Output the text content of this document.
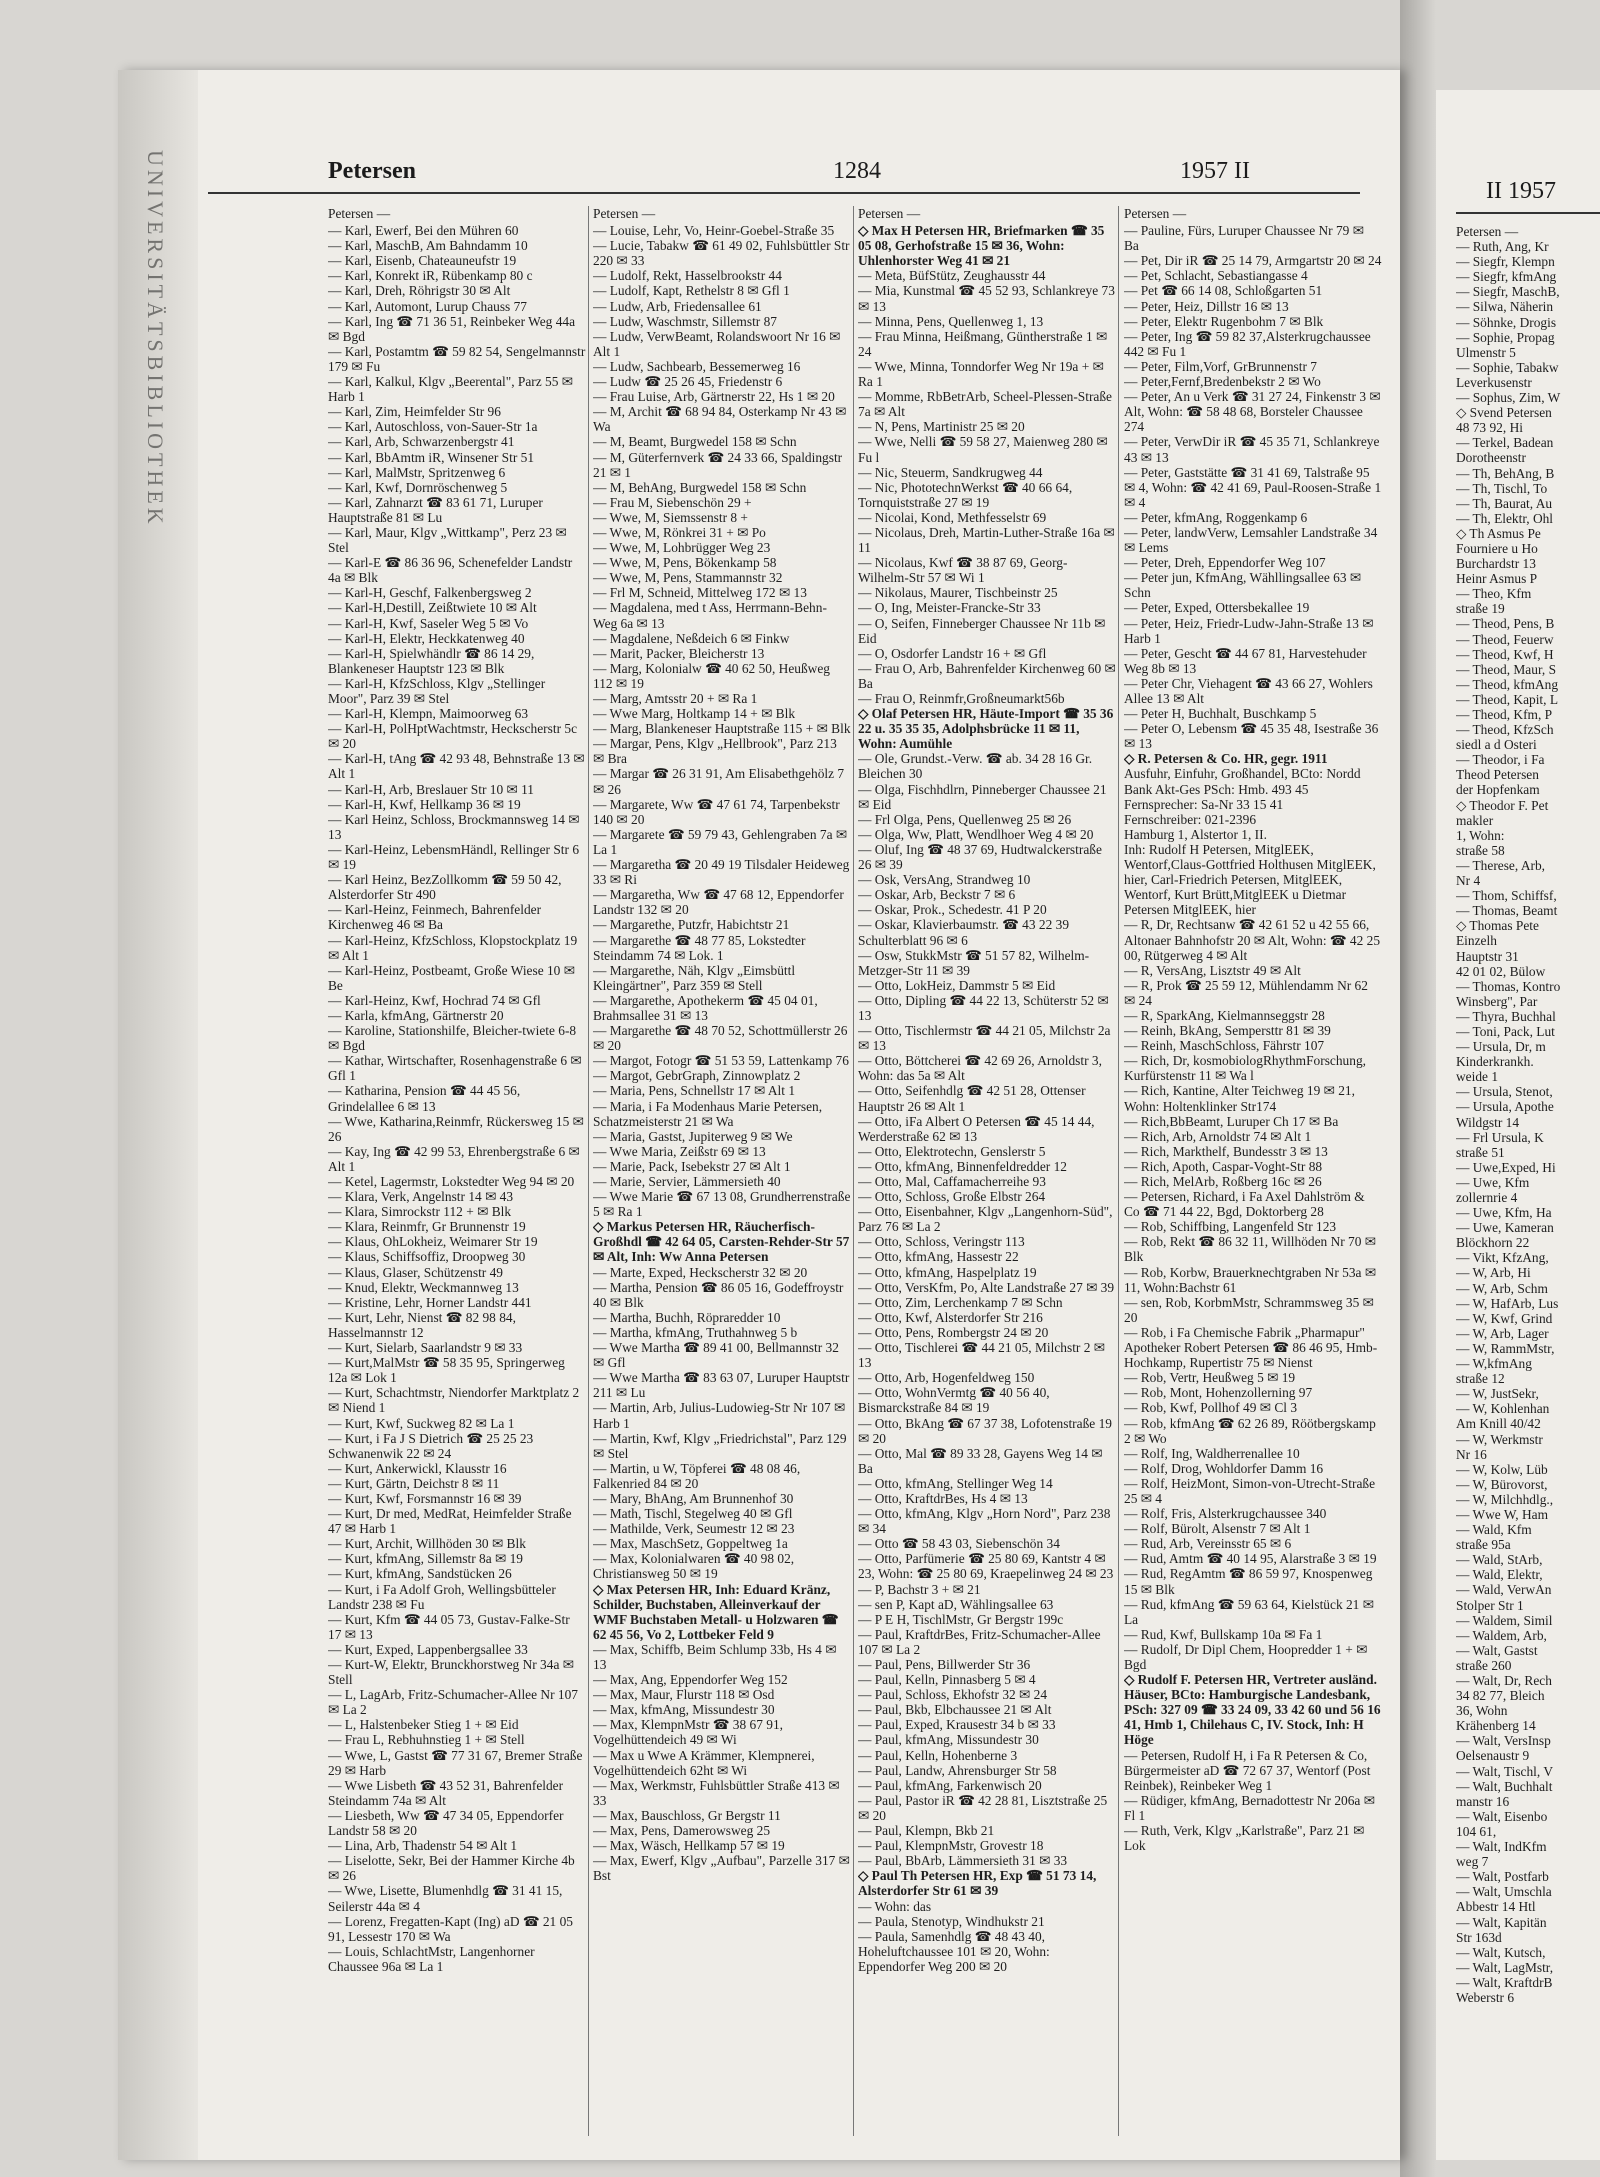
UNIVERSITÄTSBIBLIOTHEK	Petersen	1284	1957 II
Petersen —
— Karl, Ewerf, Bei den Mühren 60
— Karl, MaschB, Am Bahndamm 10
— Karl, Eisenb, Chateauneufstr 19
— Karl, Konrekt iR, Rübenkamp 80 c
— Karl, Dreh, Röhrigstr 30 ✉ Alt
— Karl, Automont, Lurup Chauss 77
— Karl, Ing ☎ 71 36 51, Reinbeker Weg 44a ✉ Bgd
— Karl, Postamtm ☎ 59 82 54, Sengelmannstr 179 ✉ Fu
— Karl, Kalkul, Klgv „Beerental", Parz 55 ✉ Harb 1
— Karl, Zim, Heimfelder Str 96
— Karl, Autoschloss, von-Sauer-Str 1a
— Karl, Arb, Schwarzenbergstr 41
— Karl, BbAmtm iR, Winsener Str 51
— Karl, MalMstr, Spritzenweg 6
— Karl, Kwf, Dornröschenweg 5
— Karl, Zahnarzt ☎ 83 61 71, Luruper Hauptstraße 81 ✉ Lu
— Karl, Maur, Klgv „Wittkamp", Perz 23 ✉ Stel
— Karl-E ☎ 86 36 96, Schenefelder Landstr 4a ✉ Blk
— Karl-H, Geschf, Falkenbergsweg 2
— Karl-H,Destill, Zeißtwiete 10 ✉ Alt
— Karl-H, Kwf, Saseler Weg 5 ✉ Vo
— Karl-H, Elektr, Heckkatenweg 40
— Karl-H, Spielwhändlr ☎ 86 14 29, Blankeneser Hauptstr 123 ✉ Blk
— Karl-H, KfzSchloss, Klgv „Stellinger Moor", Parz 39 ✉ Stel
— Karl-H, Klempn, Maimoorweg 63
— Karl-H, PolHptWachtmstr, Heckscherstr 5c ✉ 20
— Karl-H, tAng ☎ 42 93 48, Behnstraße 13 ✉ Alt 1
— Karl-H, Arb, Breslauer Str 10 ✉ 11
— Karl-H, Kwf, Hellkamp 36 ✉ 19
— Karl Heinz, Schloss, Brockmannsweg 14 ✉ 13
— Karl-Heinz, LebensmHändl, Rellinger Str 6 ✉ 19
— Karl Heinz, BezZollkomm ☎ 59 50 42, Alsterdorfer Str 490
— Karl-Heinz, Feinmech, Bahrenfelder Kirchenweg 46 ✉ Ba
— Karl-Heinz, KfzSchloss, Klopstockplatz 19 ✉ Alt 1
— Karl-Heinz, Postbeamt, Große Wiese 10 ✉ Be
— Karl-Heinz, Kwf, Hochrad 74 ✉ Gfl
— Karla, kfmAng, Gärtnerstr 20
— Karoline, Stationshilfe, Bleicher-twiete 6-8 ✉ Bgd
— Kathar, Wirtschafter, Rosenhagenstraße 6 ✉ Gfl 1
— Katharina, Pension ☎ 44 45 56, Grindelallee 6 ✉ 13
— Wwe, Katharina,Reinmfr, Rückersweg 15 ✉ 26
— Kay, Ing ☎ 42 99 53, Ehrenbergstraße 6 ✉ Alt 1
— Ketel, Lagermstr, Lokstedter Weg 94 ✉ 20
— Klara, Verk, Angelnstr 14 ✉ 43
— Klara, Simrockstr 112 + ✉ Blk
— Klara, Reinmfr, Gr Brunnenstr 19
— Klaus, OhLokheiz, Weimarer Str 19
— Klaus, Schiffsoffiz, Droopweg 30
— Klaus, Glaser, Schützenstr 49
— Knud, Elektr, Weckmannweg 13
— Kristine, Lehr, Horner Landstr 441
— Kurt, Lehr, Nienst ☎ 82 98 84, Hasselmannstr 12
— Kurt, Sielarb, Saarlandstr 9 ✉ 33
— Kurt,MalMstr ☎ 58 35 95, Springerweg 12a ✉ Lok 1
— Kurt, Schachtmstr, Niendorfer Marktplatz 2 ✉ Niend 1
— Kurt, Kwf, Suckweg 82 ✉ La 1
— Kurt, i Fa J S Dietrich ☎ 25 25 23 Schwanenwik 22 ✉ 24
— Kurt, Ankerwickl, Klausstr 16
— Kurt, Gärtn, Deichstr 8 ✉ 11
— Kurt, Kwf, Forsmannstr 16 ✉ 39
— Kurt, Dr med, MedRat, Heimfelder Straße 47 ✉ Harb 1
— Kurt, Archit, Willhöden 30 ✉ Blk
— Kurt, kfmAng, Sillemstr 8a ✉ 19
— Kurt, kfmAng, Sandstücken 26
— Kurt, i Fa Adolf Groh, Wellingsbütteler Landstr 238 ✉ Fu
— Kurt, Kfm ☎ 44 05 73, Gustav-Falke-Str 17 ✉ 13
— Kurt, Exped, Lappenbergsallee 33
— Kurt-W, Elektr, Brunckhorstweg Nr 34a ✉ Stell
— L, LagArb, Fritz-Schumacher-Allee Nr 107 ✉ La 2
— L, Halstenbeker Stieg 1 + ✉ Eid
— Frau L, Rebhuhnstieg 1 + ✉ Stell
— Wwe, L, Gastst ☎ 77 31 67, Bremer Straße 29 ✉ Harb
— Wwe Lisbeth ☎ 43 52 31, Bahrenfelder Steindamm 74a ✉ Alt
— Liesbeth, Ww ☎ 47 34 05, Eppendorfer Landstr 58 ✉ 20
— Lina, Arb, Thadenstr 54 ✉ Alt 1
— Liselotte, Sekr, Bei der Hammer Kirche 4b ✉ 26
— Wwe, Lisette, Blumenhdlg ☎ 31 41 15, Seilerstr 44a ✉ 4
— Lorenz, Fregatten-Kapt (Ing) aD ☎ 21 05 91, Lessestr 170 ✉ Wa
— Louis, SchlachtMstr, Langenhorner Chaussee 96a ✉ La 1
Petersen —
— Louise, Lehr, Vo, Heinr-Goebel-Straße 35
— Lucie, Tabakw ☎ 61 49 02, Fuhlsbüttler Str 220 ✉ 33
— Ludolf, Rekt, Hasselbrookstr 44
— Ludolf, Kapt, Rethelstr 8 ✉ Gfl 1
— Ludw, Arb, Friedensallee 61
— Ludw, Waschmstr, Sillemstr 87
— Ludw, VerwBeamt, Rolandswoort Nr 16 ✉ Alt 1
— Ludw, Sachbearb, Bessemerweg 16
— Ludw ☎ 25 26 45, Friedenstr 6
— Frau Luise, Arb, Gärtnerstr 22, Hs 1 ✉ 20
— M, Archit ☎ 68 94 84, Osterkamp Nr 43 ✉ Wa
— M, Beamt, Burgwedel 158 ✉ Schn
— M, Güterfernverk ☎ 24 33 66, Spaldingstr 21 ✉ 1
— M, BehAng, Burgwedel 158 ✉ Schn
— Frau M, Siebenschön 29 +
— Wwe, M, Siemssenstr 8 +
— Wwe, M, Rönkrei 31 + ✉ Po
— Wwe, M, Lohbrügger Weg 23
— Wwe, M, Pens, Bökenkamp 58
— Wwe, M, Pens, Stammannstr 32
— Frl M, Schneid, Mittelweg 172 ✉ 13
— Magdalena, med t Ass, Herrmann-Behn-Weg 6a ✉ 13
— Magdalene, Neßdeich 6 ✉ Finkw
— Marit, Packer, Bleicherstr 13
— Marg, Kolonialw ☎ 40 62 50, Heußweg 112 ✉ 19
— Marg, Amtsstr 20 + ✉ Ra 1
— Wwe Marg, Holtkamp 14 + ✉ Blk
— Marg, Blankeneser Hauptstraße 115 + ✉ Blk
— Margar, Pens, Klgv „Hellbrook", Parz 213 ✉ Bra
— Margar ☎ 26 31 91, Am Elisabethgehölz 7 ✉ 26
— Margarete, Ww ☎ 47 61 74, Tarpenbekstr 140 ✉ 20
— Margarete ☎ 59 79 43, Gehlengraben 7a ✉ La 1
— Margaretha ☎ 20 49 19 Tilsdaler Heideweg 33 ✉ Ri
— Margaretha, Ww ☎ 47 68 12, Eppendorfer Landstr 132 ✉ 20
— Margarethe, Putzfr, Habichtstr 21
— Margarethe ☎ 48 77 85, Lokstedter Steindamm 74 ✉ Lok. 1
— Margarethe, Näh, Klgv „Eimsbüttl Kleingärtner", Parz 359 ✉ Stell
— Margarethe, Apothekerm ☎ 45 04 01, Brahmsallee 31 ✉ 13
— Margarethe ☎ 48 70 52, Schottmüllerstr 26 ✉ 20
— Margot, Fotogr ☎ 51 53 59, Lattenkamp 76
— Margot, GebrGraph, Zinnowplatz 2
— Maria, Pens, Schnellstr 17 ✉ Alt 1
— Maria, i Fa Modenhaus Marie Petersen, Schatzmeisterstr 21 ✉ Wa
— Maria, Gastst, Jupiterweg 9 ✉ We
— Wwe Maria, Zeißstr 69 ✉ 13
— Marie, Pack, Isebekstr 27 ✉ Alt 1
— Marie, Servier, Lämmersieth 40
— Wwe Marie ☎ 67 13 08, Grundherrenstraße 5 ✉ Ra 1
◇ Markus Petersen HR, Räucherfisch-Großhdl ☎ 42 64 05, Carsten-Rehder-Str 57 ✉ Alt, Inh: Ww Anna Petersen
— Marte, Exped, Heckscherstr 32 ✉ 20
— Martha, Pension ☎ 86 05 16, Godeffroystr 40 ✉ Blk
— Martha, Buchh, Röpraredder 10
— Martha, kfmAng, Truthahnweg 5 b
— Wwe Martha ☎ 89 41 00, Bellmannstr 32 ✉ Gfl
— Wwe Martha ☎ 83 63 07, Luruper Hauptstr 211 ✉ Lu
— Martin, Arb, Julius-Ludowieg-Str Nr 107 ✉ Harb 1
— Martin, Kwf, Klgv „Friedrichstal", Parz 129 ✉ Stel
— Martin, u W, Töpferei ☎ 48 08 46, Falkenried 84 ✉ 20
— Mary, BhAng, Am Brunnenhof 30
— Math, Tischl, Stegelweg 40 ✉ Gfl
— Mathilde, Verk, Seumestr 12 ✉ 23
— Max, MaschSetz, Goppeltweg 1a
— Max, Kolonialwaren ☎ 40 98 02, Christiansweg 50 ✉ 19
◇ Max Petersen HR, Inh: Eduard Kränz, Schilder, Buchstaben, Alleinverkauf der WMF Buchstaben Metall- u Holzwaren ☎ 62 45 56, Vo 2, Lottbeker Feld 9
— Max, Schiffb, Beim Schlump 33b, Hs 4 ✉ 13
— Max, Ang, Eppendorfer Weg 152
— Max, Maur, Flurstr 118 ✉ Osd
— Max, kfmAng, Missundestr 30
— Max, KlempnMstr ☎ 38 67 91, Vogelhüttendeich 49 ✉ Wi
— Max u Wwe A Krämmer, Klempnerei, Vogelhüttendeich 62ht ✉ Wi
— Max, Werkmstr, Fuhlsbüttler Straße 413 ✉ 33
— Max, Bauschloss, Gr Bergstr 11
— Max, Pens, Damerowsweg 25
— Max, Wäsch, Hellkamp 57 ✉ 19
— Max, Ewerf, Klgv „Aufbau", Parzelle 317 ✉ Bst
Petersen —
◇ Max H Petersen HR, Briefmarken ☎ 35 05 08, Gerhofstraße 15 ✉ 36, Wohn: Uhlenhorster Weg 41 ✉ 21
— Meta, BüfStütz, Zeughausstr 44
— Mia, Kunstmal ☎ 45 52 93, Schlankreye 73 ✉ 13
— Minna, Pens, Quellenweg 1, 13
— Frau Minna, Heißmang, Güntherstraße 1 ✉ 24
— Wwe, Minna, Tonndorfer Weg Nr 19a + ✉ Ra 1
— Momme, RbBetrArb, Scheel-Plessen-Straße 7a ✉ Alt
— N, Pens, Martinistr 25 ✉ 20
— Wwe, Nelli ☎ 59 58 27, Maienweg 280 ✉ Fu l
— Nic, Steuerm, Sandkrugweg 44
— Nic, PhototechnWerkst ☎ 40 66 64, Tornquiststraße 27 ✉ 19
— Nicolai, Kond, Methfesselstr 69
— Nicolaus, Dreh, Martin-Luther-Straße 16a ✉ 11
— Nicolaus, Kwf ☎ 38 87 69, Georg-Wilhelm-Str 57 ✉ Wi 1
— Nikolaus, Maurer, Tischbeinstr 25
— O, Ing, Meister-Francke-Str 33
— O, Seifen, Finneberger Chaussee Nr 11b ✉ Eid
— O, Osdorfer Landstr 16 + ✉ Gfl
— Frau O, Arb, Bahrenfelder Kirchenweg 60 ✉ Ba
— Frau O, Reinmfr,Großneumarkt56b
◇ Olaf Petersen HR, Häute-Import ☎ 35 36 22 u. 35 35 35, Adolphsbrücke 11 ✉ 11, Wohn: Aumühle
— Ole, Grundst.-Verw. ☎ ab. 34 28 16 Gr. Bleichen 30
— Olga, Fischhdlrn, Pinneberger Chaussee 21 ✉ Eid
— Frl Olga, Pens, Quellenweg 25 ✉ 26
— Olga, Ww, Platt, Wendlhoer Weg 4 ✉ 20
— Oluf, Ing ☎ 48 37 69, Hudtwalckerstraße 26 ✉ 39
— Osk, VersAng, Strandweg 10
— Oskar, Arb, Beckstr 7 ✉ 6
— Oskar, Prok., Schedestr. 41 P 20
— Oskar, Klavierbaumstr. ☎ 43 22 39 Schulterblatt 96 ✉ 6
— Osw, StukkMstr ☎ 51 57 82, Wilhelm-Metzger-Str 11 ✉ 39
— Otto, LokHeiz, Dammstr 5 ✉ Eid
— Otto, Dipling ☎ 44 22 13, Schüterstr 52 ✉ 13
— Otto, Tischlermstr ☎ 44 21 05, Milchstr 2a ✉ 13
— Otto, Böttcherei ☎ 42 69 26, Arnoldstr 3, Wohn: das 5a ✉ Alt
— Otto, Seifenhdlg ☎ 42 51 28, Ottenser Hauptstr 26 ✉ Alt 1
— Otto, iFa Albert O Petersen ☎ 45 14 44, Werderstraße 62 ✉ 13
— Otto, Elektrotechn, Genslerstr 5
— Otto, kfmAng, Binnenfeldredder 12
— Otto, Mal, Caffamacherreihe 93
— Otto, Schloss, Große Elbstr 264
— Otto, Eisenbahner, Klgv „Langenhorn-Süd", Parz 76 ✉ La 2
— Otto, Schloss, Veringstr 113
— Otto, kfmAng, Hassestr 22
— Otto, kfmAng, Haspelplatz 19
— Otto, VersKfm, Po, Alte Landstraße 27 ✉ 39
— Otto, Zim, Lerchenkamp 7 ✉ Schn
— Otto, Kwf, Alsterdorfer Str 216
— Otto, Pens, Rombergstr 24 ✉ 20
— Otto, Tischlerei ☎ 44 21 05, Milchstr 2 ✉ 13
— Otto, Arb, Hogenfeldweg 150
— Otto, WohnVermtg ☎ 40 56 40, Bismarckstraße 84 ✉ 19
— Otto, BkAng ☎ 67 37 38, Lofotenstraße 19 ✉ 20
— Otto, Mal ☎ 89 33 28, Gayens Weg 14 ✉ Ba
— Otto, kfmAng, Stellinger Weg 14
— Otto, KraftdrBes, Hs 4 ✉ 13
— Otto, kfmAng, Klgv „Horn Nord", Parz 238 ✉ 34
— Otto ☎ 58 43 03, Siebenschön 34
— Otto, Parfümerie ☎ 25 80 69, Kantstr 4 ✉ 23, Wohn: ☎ 25 80 69, Kraepelinweg 24 ✉ 23
— P, Bachstr 3 + ✉ 21
— sen P, Kapt aD, Wählingsallee 63
— P E H, TischlMstr, Gr Bergstr 199c
— Paul, KraftdrBes, Fritz-Schumacher-Allee 107 ✉ La 2
— Paul, Pens, Billwerder Str 36
— Paul, Kelln, Pinnasberg 5 ✉ 4
— Paul, Schloss, Ekhofstr 32 ✉ 24
— Paul, Bkb, Elbchaussee 21 ✉ Alt
— Paul, Exped, Krausestr 34 b ✉ 33
— Paul, kfmAng, Missundestr 30
— Paul, Kelln, Hohenberne 3
— Paul, Landw, Ahrensburger Str 58
— Paul, kfmAng, Farkenwisch 20
— Paul, Pastor iR ☎ 42 28 81, Lisztstraße 25 ✉ 20
— Paul, Klempn, Bkb 21
— Paul, KlempnMstr, Grovestr 18
— Paul, BbArb, Lämmersieth 31 ✉ 33
◇ Paul Th Petersen HR, Exp ☎ 51 73 14, Alsterdorfer Str 61 ✉ 39
— Wohn: das
— Paula, Stenotyp, Windhukstr 21
— Paula, Samenhdlg ☎ 48 43 40, Hoheluftchaussee 101 ✉ 20, Wohn: Eppendorfer Weg 200 ✉ 20
Petersen —
— Pauline, Fürs, Luruper Chaussee Nr 79 ✉ Ba
— Pet, Dir iR ☎ 25 14 79, Armgartstr 20 ✉ 24
— Pet, Schlacht, Sebastiangasse 4
— Pet ☎ 66 14 08, Schloßgarten 51
— Peter, Heiz, Dillstr 16 ✉ 13
— Peter, Elektr Rugenbohm 7 ✉ Blk
— Peter, Ing ☎ 59 82 37,Alsterkrugchaussee 442 ✉ Fu 1
— Peter, Film,Vorf, GrBrunnenstr 7
— Peter,Fernf,Bredenbekstr 2 ✉ Wo
— Peter, An u Verk ☎ 31 27 24, Finkenstr 3 ✉ Alt, Wohn: ☎ 58 48 68, Borsteler Chaussee 274
— Peter, VerwDir iR ☎ 45 35 71, Schlankreye 43 ✉ 13
— Peter, Gaststätte ☎ 31 41 69, Talstraße 95 ✉ 4, Wohn: ☎ 42 41 69, Paul-Roosen-Straße 1 ✉ 4
— Peter, kfmAng, Roggenkamp 6
— Peter, landwVerw, Lemsahler Landstraße 34 ✉ Lems
— Peter, Dreh, Eppendorfer Weg 107
— Peter jun, KfmAng, Wähllingsallee 63 ✉ Schn
— Peter, Exped, Ottersbekallee 19
— Peter, Heiz, Friedr-Ludw-Jahn-Straße 13 ✉ Harb 1
— Peter, Gescht ☎ 44 67 81, Harvestehuder Weg 8b ✉ 13
— Peter Chr, Viehagent ☎ 43 66 27, Wohlers Allee 13 ✉ Alt
— Peter H, Buchhalt, Buschkamp 5
— Peter O, Lebensm ☎ 45 35 48, Isestraße 36 ✉ 13
◇ R. Petersen & Co. HR, gegr. 1911
Ausfuhr, Einfuhr, Großhandel, BCto: Nordd Bank Akt-Ges PSch: Hmb. 493 45
Fernsprecher: Sa-Nr 33 15 41
Fernschreiber: 021-2396
Hamburg 1, Alstertor 1, II.
Inh: Rudolf H Petersen, MitglEEK, Wentorf,Claus-Gottfried Holthusen MitglEEK, hier, Carl-Friedrich Petersen, MitglEEK, Wentorf, Kurt Brütt,MitglEEK u Dietmar Petersen MitglEEK, hier
— R, Dr, Rechtsanw ☎ 42 61 52 u 42 55 66, Altonaer Bahnhofstr 20 ✉ Alt, Wohn: ☎ 42 25 00, Rütgerweg 4 ✉ Alt
— R, VersAng, Lisztstr 49 ✉ Alt
— R, Prok ☎ 25 59 12, Mühlendamm Nr 62 ✉ 24
— R, SparkAng, Kielmannseggstr 28
— Reinh, BkAng, Sempersttr 81 ✉ 39
— Reinh, MaschSchloss, Fährstr 107
— Rich, Dr, kosmobiologRhythmForschung, Kurfürstenstr 11 ✉ Wa l
— Rich, Kantine, Alter Teichweg 19 ✉ 21, Wohn: Holtenklinker Str174
— Rich,BbBeamt, Luruper Ch 17 ✉ Ba
— Rich, Arb, Arnoldstr 74 ✉ Alt 1
— Rich, Markthelf, Bundesstr 3 ✉ 13
— Rich, Apoth, Caspar-Voght-Str 88
— Rich, MelArb, Roßberg 16c ✉ 26
— Petersen, Richard, i Fa Axel Dahlström & Co ☎ 71 44 22, Bgd, Doktorberg 28
— Rob, Schiffbing, Langenfeld Str 123
— Rob, Rekt ☎ 86 32 11, Willhöden Nr 70 ✉ Blk
— Rob, Korbw, Brauerknechtgraben Nr 53a ✉ 11, Wohn:Bachstr 61
— sen, Rob, KorbmMstr, Schrammsweg 35 ✉ 20
— Rob, i Fa Chemische Fabrik „Pharmapur" Apotheker Robert Petersen ☎ 86 46 95, Hmb-Hochkamp, Rupertistr 75 ✉ Nienst
— Rob, Vertr, Heußweg 5 ✉ 19
— Rob, Mont, Hohenzollerning 97
— Rob, Kwf, Pollhof 49 ✉ Cl 3
— Rob, kfmAng ☎ 62 26 89, Röötbergskamp 2 ✉ Wo
— Rolf, Ing, Waldherrenallee 10
— Rolf, Drog, Wohldorfer Damm 16
— Rolf, HeizMont, Simon-von-Utrecht-Straße 25 ✉ 4
— Rolf, Fris, Alsterkrugchaussee 340
— Rolf, Bürolt, Alsenstr 7 ✉ Alt 1
— Rud, Arb, Vereinsstr 65 ✉ 6
— Rud, Amtm ☎ 40 14 95, Alarstraße 3 ✉ 19
— Rud, RegAmtm ☎ 86 59 97, Knospenweg 15 ✉ Blk
— Rud, kfmAng ☎ 59 63 64, Kielstück 21 ✉ La
— Rud, Kwf, Bullskamp 10a ✉ Fa 1
— Rudolf, Dr Dipl Chem, Hoopredder 1 + ✉ Bgd
◇ Rudolf F. Petersen HR, Vertreter ausländ. Häuser, BCto: Hamburgische Landesbank, PSch: 327 09 ☎ 33 24 09, 33 42 60 und 56 16 41, Hmb 1, Chilehaus C, IV. Stock, Inh: H Höge
— Petersen, Rudolf H, i Fa R Petersen & Co, Bürgermeister aD ☎ 72 67 37, Wentorf (Post Reinbek), Reinbeker Weg 1
— Rüdiger, kfmAng, Bernadottestr Nr 206a ✉ Fl 1
— Ruth, Verk, Klgv „Karlstraße", Parz 21 ✉ Lok
II 1957
Petersen —
— Ruth, Ang, Kr
— Siegfr, Klempn
— Siegfr, kfmAng
— Siegfr, MaschB,
— Silwa, Näherin
— Söhnke, Drogis
— Sophie, Propag
Ulmenstr 5
— Sophie, Tabakw
Leverkusenstr
— Sophus, Zim, W
◇ Svend Petersen
48 73 92, Hi
— Terkel, Badean
Dorotheenstr
— Th, BehAng, B
— Th, Tischl, To
— Th, Baurat, Au
— Th, Elektr, Ohl
◇ Th Asmus Pe
Fourniere u Ho
Burchardstr 13
Heinr Asmus P
— Theo, Kfm
straße 19
— Theod, Pens, B
— Theod, Feuerw
— Theod, Kwf, H
— Theod, Maur, S
— Theod, kfmAng
— Theod, Kapit, L
— Theod, Kfm, P
— Theod, KfzSch
siedl a d Osteri
— Theodor, i Fa
Theod Petersen
der Hopfenkam
◇ Theodor F. Pet
makler
1, Wohn:
straße 58
— Therese, Arb,
Nr 4
— Thom, Schiffsf,
— Thomas, Beamt
◇ Thomas Pete
Einzelh
Hauptstr 31
42 01 02, Bülow
— Thomas, Kontro
Winsberg", Par
— Thyra, Buchhal
— Toni, Pack, Lut
— Ursula, Dr, m
Kinderkrankh.
weide 1
— Ursula, Stenot,
— Ursula, Apothe
Wildgstr 14
— Frl Ursula, K
straße 51
— Uwe,Exped, Hi
— Uwe, Kfm
zollernrie 4
— Uwe, Kfm, Ha
— Uwe, Kameran
Blöckhorn 22
— Vikt, KfzAng,
— W, Arb, Hi
— W, Arb, Schm
— W, HafArb, Lus
— W, Kwf, Grind
— W, Arb, Lager
— W, RammMstr,
— W,kfmAng
straße 12
— W, JustSekr,
— W, Kohlenhan
Am Knill 40/42
— W, Werkmstr
Nr 16
— W, Kolw, Lüb
— W, Bürovorst,
— W, Milchhdlg.,
— Wwe W, Ham
— Wald, Kfm
straße 95a
— Wald, StArb,
— Wald, Elektr,
— Wald, VerwAn
Stolper Str 1
— Waldem, Simil
— Waldem, Arb,
— Walt, Gastst
straße 260
— Walt, Dr, Rech
34 82 77, Bleich
36, Wohn
Krähenberg 14
— Walt, VersInsp
Oelsenaustr 9
— Walt, Tischl, V
— Walt, Buchhalt
manstr 16
— Walt, Eisenbo
104 61,
— Walt, IndKfm
weg 7
— Walt, Postfarb
— Walt, Umschla
Abbestr 14 Htl
— Walt, Kapitän
Str 163d
— Walt, Kutsch,
— Walt, LagMstr,
— Walt, KraftdrB
Weberstr 6
